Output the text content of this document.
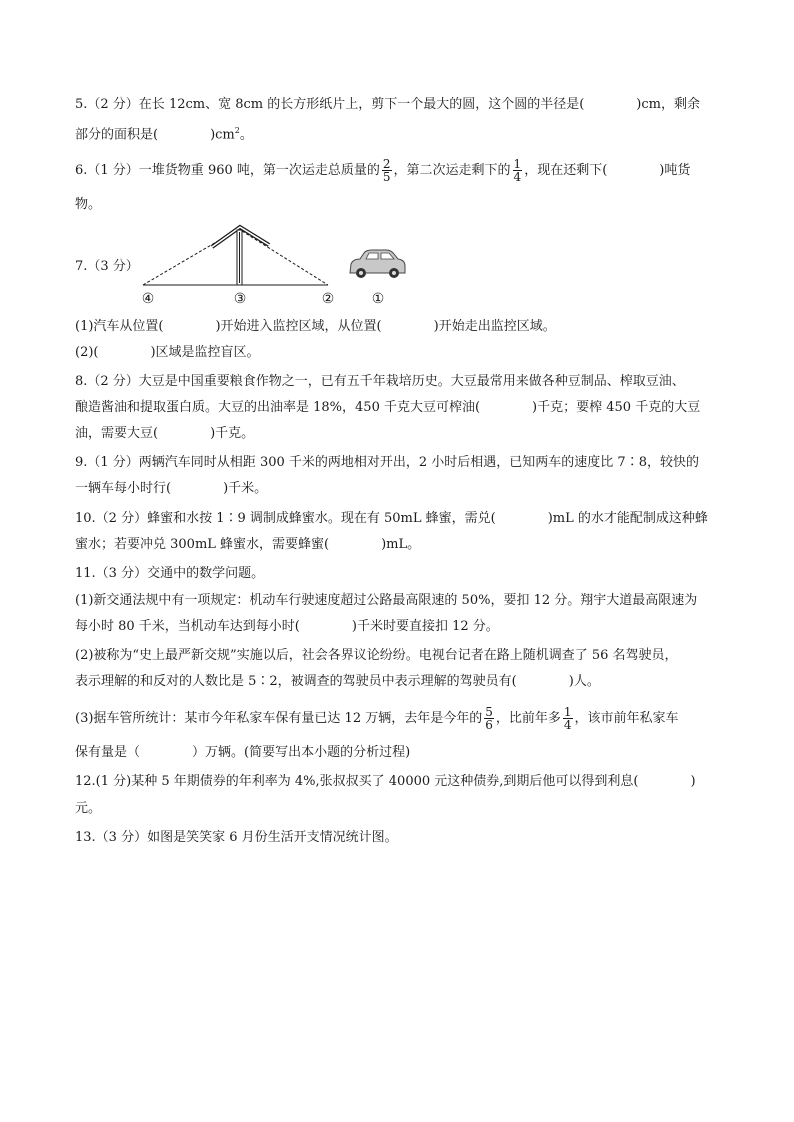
5.（2 分）在长 12cm、宽 8cm 的长方形纸片上，剪下一个最大的圆，这个圆的半径是(　　　　)cm，剩余
部分的面积是(　　　　)$cm^2$。
6.（1 分）一堆货物重 960 吨，第一次运走总质量的 $\frac{2}{5}$ ，第二次运走剩下的 $\frac{1}{4}$ ，现在还剩下(　　　　)吨货
物。
7.（3 分）
④	③	②	①
(1)汽车从位置(　　　　)开始进入监控区域，从位置(　　　　)开始走出监控区域。
(2)(　　　　)区域是监控盲区。
8.（2 分）大豆是中国重要粮食作物之一，已有五千年栽培历史。大豆最常用来做各种豆制品、榨取豆油、
酿造酱油和提取蛋白质。大豆的出油率是 18%，450 千克大豆可榨油(　　　　)千克；要榨 450 千克的大豆
油，需要大豆(　　　　)千克。
9.（1 分）两辆汽车同时从相距 300 千米的两地相对开出，2 小时后相遇，已知两车的速度比 7∶8，较快的
一辆车每小时行(　　　　)千米。
10.（2 分）蜂蜜和水按 1∶9 调制成蜂蜜水。现在有 50mL 蜂蜜，需兑(　　　　)mL 的水才能配制成这种蜂
蜜水；若要冲兑 300mL 蜂蜜水，需要蜂蜜(　　　　)mL。
11.（3 分）交通中的数学问题。
(1)新交通法规中有一项规定：机动车行驶速度超过公路最高限速的 50%，要扣 12 分。翔宇大道最高限速为
每小时 80 千米，当机动车达到每小时(　　　　)千米时要直接扣 12 分。
(2)被称为“史上最严新交规”实施以后，社会各界议论纷纷。电视台记者在路上随机调查了 56 名驾驶员，
表示理解的和反对的人数比是 5∶2，被调查的驾驶员中表示理解的驾驶员有(　　　　)人。
(3)据车管所统计：某市今年私家车保有量已达 12 万辆，去年是今年的 $\frac{5}{6}$ ，比前年多 $\frac{1}{4}$ ，该市前年私家车
保有量是（　　　　）万辆。(简要写出本小题的分析过程)
12.(1 分)某种 5 年期债券的年利率为 4%,张叔叔买了 40000 元这种债券,到期后他可以得到利息(　　　　)
元。
13.（3 分）如图是笑笑家 6 月份生活开支情况统计图。
